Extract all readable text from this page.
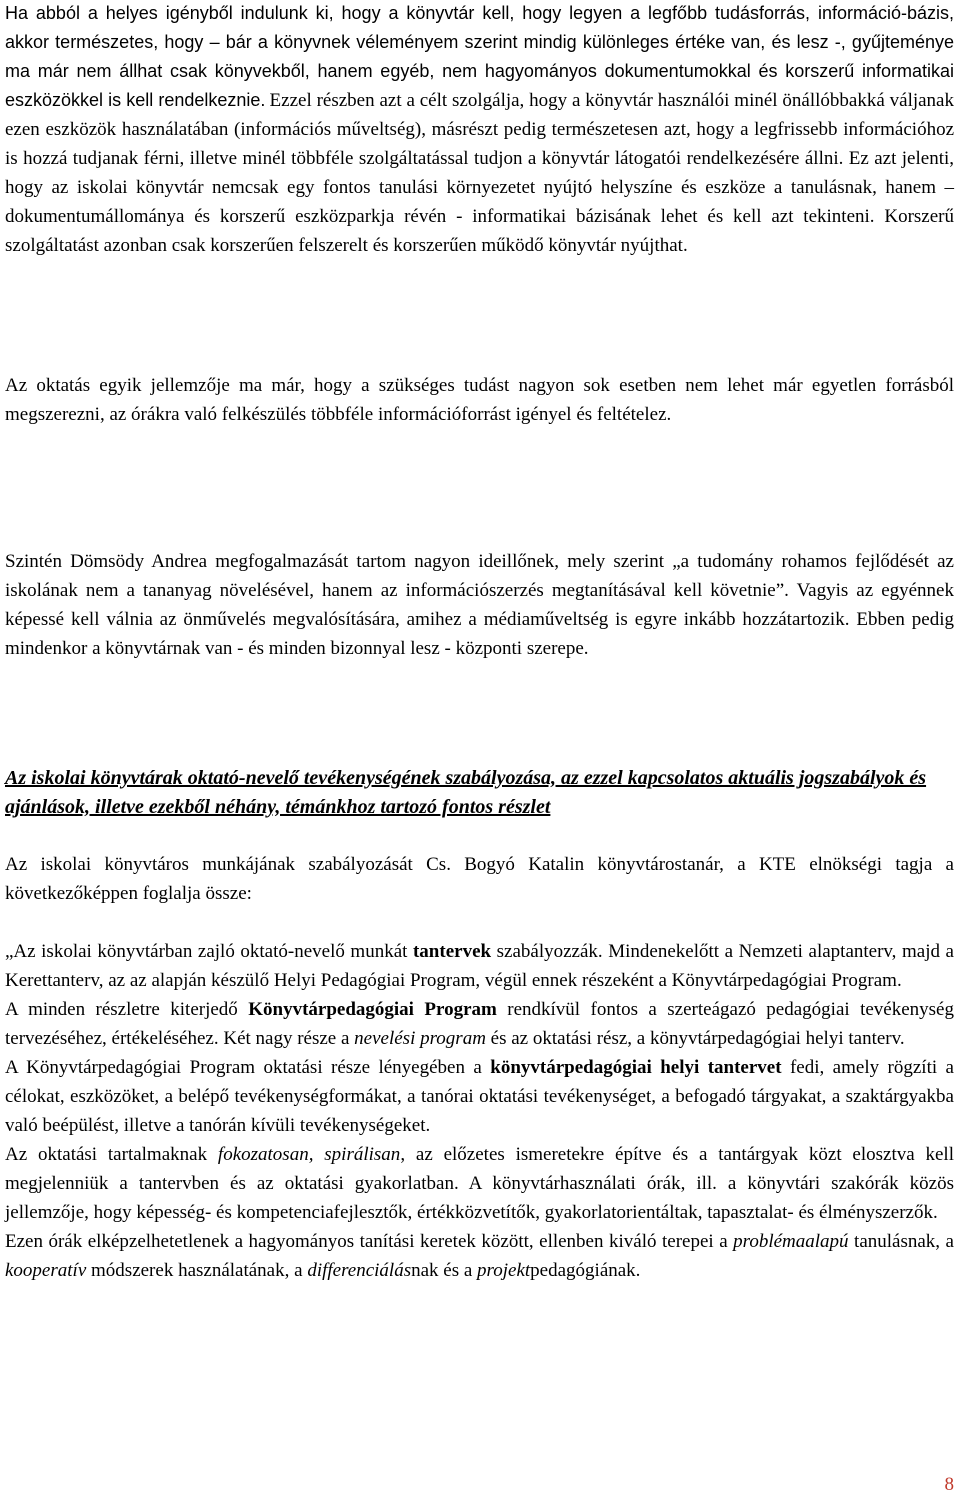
Ha abból a helyes igényből indulunk ki, hogy a könyvtár kell, hogy legyen a legfőbb tudásforrás, információ-bázis, akkor természetes, hogy – bár a könyvnek véleményem szerint mindig különleges értéke van, és lesz -, gyűjteménye ma már nem állhat csak könyvekből, hanem egyéb, nem hagyományos dokumentumokkal és korszerű informatikai eszközökkel is kell rendelkeznie. Ezzel részben azt a célt szolgálja, hogy a könyvtár használói minél önállóbbakká váljanak ezen eszközök használatában (információs műveltség), másrészt pedig természetesen azt, hogy a legfrissebb információhoz is hozzá tudjanak férni, illetve minél többféle szolgáltatással tudjon a könyvtár látogatói rendelkezésére állni. Ez azt jelenti, hogy az iskolai könyvtár nemcsak egy fontos tanulási környezetet nyújtó helyszíne és eszköze a tanulásnak, hanem – dokumentumállománya és korszerű eszközparkja révén - informatikai bázisának lehet és kell azt tekinteni. Korszerű szolgáltatást azonban csak korszerűen felszerelt és korszerűen működő könyvtár nyújthat.

Az oktatás egyik jellemzője ma már, hogy a szükséges tudást nagyon sok esetben nem lehet már egyetlen forrásból megszerezni, az órákra való felkészülés többféle információforrást igényel és feltételez.

Szintén Dömsödy Andrea megfogalmazását tartom nagyon ideillőnek, mely szerint „a tudomány rohamos fejlődését az iskolának nem a tananyag növelésével, hanem az információszerzés megtanításával kell követnie”. Vagyis az egyénnek képessé kell válnia az önművelés megvalósítására, amihez a médiaműveltség is egyre inkább hozzátartozik. Ebben pedig mindenkor a könyvtárnak van - és minden bizonnyal lesz - központi szerepe.

Az iskolai könyvtárak oktató-nevelő tevékenységének szabályozása, az ezzel kapcsolatos aktuális jogszabályok és ajánlások, illetve ezekből néhány, témánkhoz tartozó fontos részlet

Az iskolai könyvtáros munkájának szabályozását Cs. Bogyó Katalin könyvtárostanár, a KTE elnökségi tagja a következőképpen foglalja össze:

„Az iskolai könyvtárban zajló oktató-nevelő munkát tantervek szabályozzák. Mindenekelőtt a Nemzeti alaptanterv, majd a Kerettanterv, az az alapján készülő Helyi Pedagógiai Program, végül ennek részeként a Könyvtárpedagógiai Program.

A minden részletre kiterjedő Könyvtárpedagógiai Program rendkívül fontos a szerteágazó pedagógiai tevékenység tervezéséhez, értékeléséhez. Két nagy része a nevelési program és az oktatási rész, a könyvtárpedagógiai helyi tanterv.

A Könyvtárpedagógiai Program oktatási része lényegében a könyvtárpedagógiai helyi tantervet fedi, amely rögzíti a célokat, eszközöket, a belépő tevékenységformákat, a tanórai oktatási tevékenységet, a befogadó tárgyakat, a szaktárgyakba való beépülést, illetve a tanórán kívüli tevékenységeket.

Az oktatási tartalmaknak fokozatosan, spirálisan, az előzetes ismeretekre építve és a tantárgyak közt elosztva kell megjelenniük a tantervben és az oktatási gyakorlatban. A könyvtárhasználati órák, ill. a könyvtári szakórák közös jellemzője, hogy képesség- és kompetenciafejlesztők, értékközvetítők, gyakorlatorientáltak, tapasztalat- és élményszerzők.

Ezen órák elképzelhetetlenek a hagyományos tanítási keretek között, ellenben kiváló terepei a problémaalapú tanulásnak, a kooperatív módszerek használatának, a differenciálásnak és a projektpedagógiának.

8
